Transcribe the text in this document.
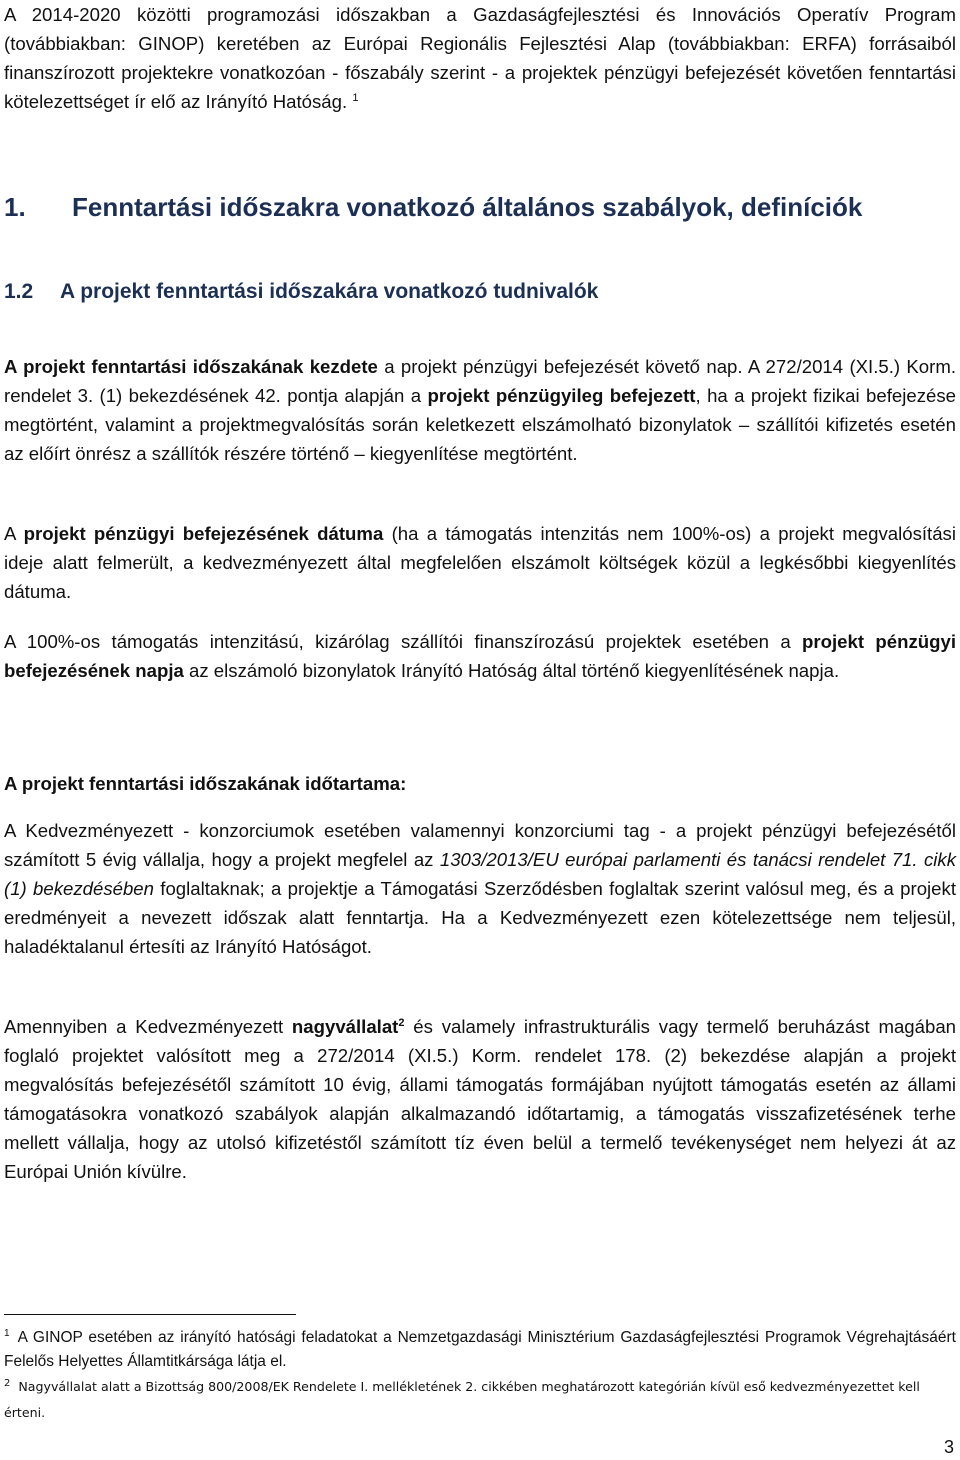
A 2014-2020 közötti programozási időszakban a Gazdaságfejlesztési és Innovációs Operatív Program (továbbiakban: GINOP) keretében az Európai Regionális Fejlesztési Alap (továbbiakban: ERFA) forrásaiból finanszírozott projektekre vonatkozóan - főszabály szerint - a projektek pénzügyi befejezését követően fenntartási kötelezettséget ír elő az Irányító Hatóság. $^1$

1. Fenntartási időszakra vonatkozó általános szabályok, definíciók
1.2 A projekt fenntartási időszakára vonatkozó tudnivalók

A projekt fenntartási időszakának kezdete a projekt pénzügyi befejezését követő nap. A 272/2014 (XI.5.) Korm. rendelet 3. (1) bekezdésének 42. pontja alapján a projekt pénzügyileg befejezett, ha a projekt fizikai befejezése megtörtént, valamint a projektmegvalósítás során keletkezett elszámolható bizonylatok – szállítói kifizetés esetén az előírt önrész a szállítók részére történő – kiegyenlítése megtörtént.

A projekt pénzügyi befejezésének dátuma (ha a támogatás intenzitás nem 100%-os) a projekt megvalósítási ideje alatt felmerült, a kedvezményezett által megfelelően elszámolt költségek közül a legkésőbbi kiegyenlítés dátuma.

A 100%-os támogatás intenzitású, kizárólag szállítói finanszírozású projektek esetében a projekt pénzügyi befejezésének napja az elszámoló bizonylatok Irányító Hatóság által történő kiegyenlítésének napja.

A projekt fenntartási időszakának időtartama:

A Kedvezményezett - konzorciumok esetében valamennyi konzorciumi tag - a projekt pénzügyi befejezésétől számított 5 évig vállalja, hogy a projekt megfelel az 1303/2013/EU európai parlamenti és tanácsi rendelet 71. cikk (1) bekezdésében foglaltaknak; a projektje a Támogatási Szerződésben foglaltak szerint valósul meg, és a projekt eredményeit a nevezett időszak alatt fenntartja. Ha a Kedvezményezett ezen kötelezettsége nem teljesül, haladéktalanul értesíti az Irányító Hatóságot.

Amennyiben a Kedvezményezett nagyvállalat$^2$ és valamely infrastrukturális vagy termelő beruházást magában foglaló projektet valósított meg a 272/2014 (XI.5.) Korm. rendelet 178. (2) bekezdése alapján a projekt megvalósítás befejezésétől számított 10 évig, állami támogatás formájában nyújtott támogatás esetén az állami támogatásokra vonatkozó szabályok alapján alkalmazandó időtartamig, a támogatás visszafizetésének terhe mellett vállalja, hogy az utolsó kifizetéstől számított tíz éven belül a termelő tevékenységet nem helyezi át az Európai Unión kívülre.

$^1$ A GINOP esetében az irányító hatósági feladatokat a Nemzetgazdasági Minisztérium Gazdaságfejlesztési Programok Végrehajtásáért Felelős Helyettes Államtitkársága látja el.

$^2$ Nagyvállalat alatt a Bizottság 800/2008/EK Rendelete I. mellékletének 2. cikkében meghatározott kategórián kívül eső kedvezményezettet kell érteni.

3
